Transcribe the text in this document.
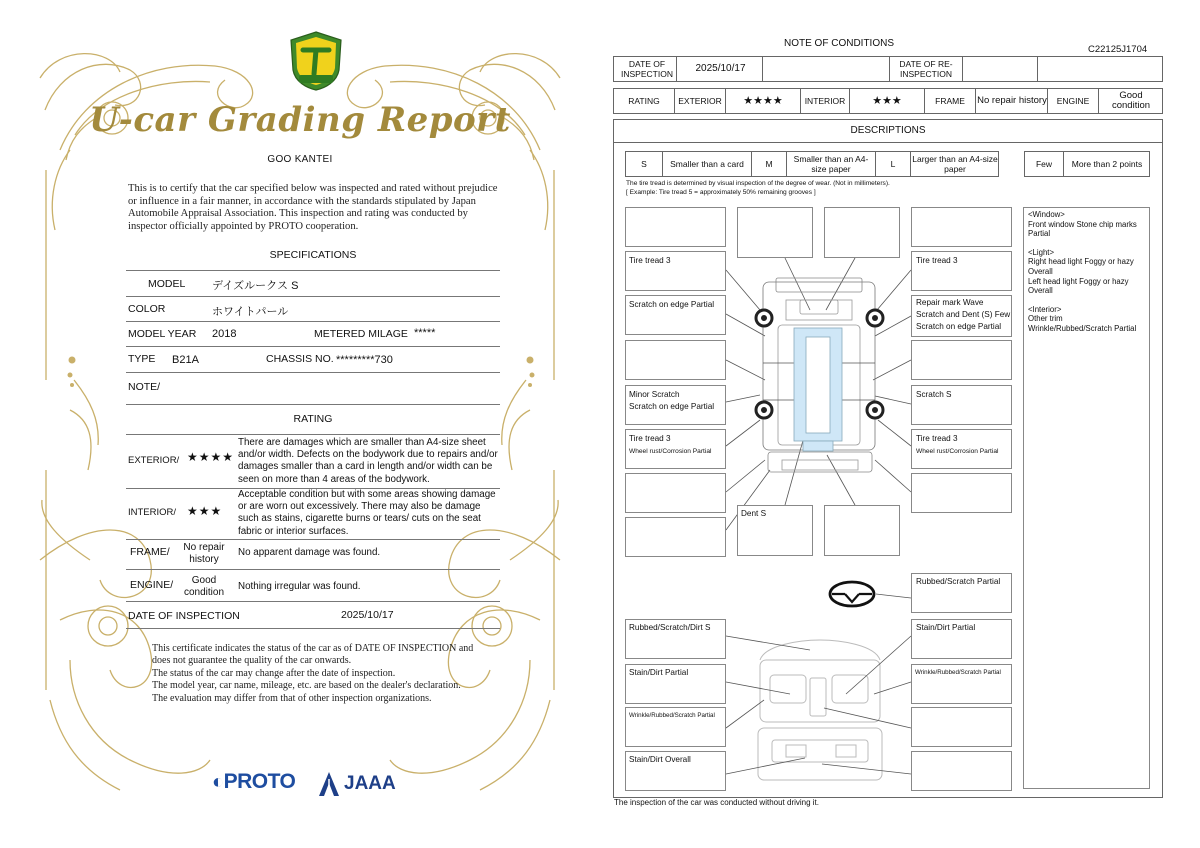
U-car Grading Report
GOO KANTEI
This is to certify that the car specified below was inspected and rated without prejudice or influence in a fair manner, in accordance with the standards stipulated by Japan Automobile Appraisal Association. This inspection and rating was conducted by inspector officially appointed by PROTO cooperation.
SPECIFICATIONS
MODEL デイズルークス S
COLOR	ホワイトパール
MODEL YEAR 2018	METERED MILAGE *****
TYPE B21A	CHASSIS NO. *********730
NOTE/
RATING
EXTERIOR/ ★★★★
There are damages which are smaller than A4-size sheet and/or width. Defects on the bodywork due to repairs and/or damages smaller than a card in length and/or width can be seen on more than 4 areas of the bodywork.
INTERIOR/ ★★★
Acceptable condition but with some areas showing damage or are worn out excessively. There may also be damage such as stains, cigarette burns or tears/ cuts on the seat fabric or interior surfaces.
FRAME/	No repair history
No apparent damage was found.
ENGINE/	Good condition
Nothing irregular was found.
DATE OF INSPECTION	2025/10/17
This certificate indicates the status of the car as of DATE OF INSPECTION and does not guarantee the quality of the car onwards.
The status of the car may change after the date of inspection.
The model year, car name, mileage, etc. are based on the dealer's declaration.
The evaluation may differ from that of other inspection organizations.
◐PROTO	JAAA
NOTE OF CONDITIONS
C22125J1704
DATE OF INSPECTION	2025/10/17	DATE OF RE-INSPECTION
RATING	EXTERIOR	★★★★	INTERIOR	★★★	FRAME	No repair history	ENGINE	Good condition
DESCRIPTIONS
S	Smaller than a card	M	Smaller than an A4-size paper	L	Larger than an A4-size paper	Few	More than 2 points
The tire tread is determined by visual inspection of the degree of wear. (Not in millimeters).
[ Example: Tire tread 5 = approximately 50% remaining grooves ]
Tire tread 3
Scratch on edge Partial
Minor Scratch
Scratch on edge Partial
Tire tread 3
Wheel rust/Corrosion Partial
Dent S
Tire tread 3
Repair mark Wave
Scratch and Dent (S) Few
Scratch on edge Partial
Scratch S
Tire tread 3
Wheel rust/Corrosion Partial
<Window>
Front window Stone chip marks Partial
<Light>
Right head light Foggy or hazy Overall
Left head light Foggy or hazy Overall
<Interior>
Other trim
Wrinkle/Rubbed/Scratch Partial
Rubbed/Scratch Partial
Rubbed/Scratch/Dirt S	Stain/Dirt Partial
Stain/Dirt Partial	Wrinkle/Rubbed/Scratch Partial
Wrinkle/Rubbed/Scratch Partial
Stain/Dirt Overall
The inspection of the car was conducted without driving it.
